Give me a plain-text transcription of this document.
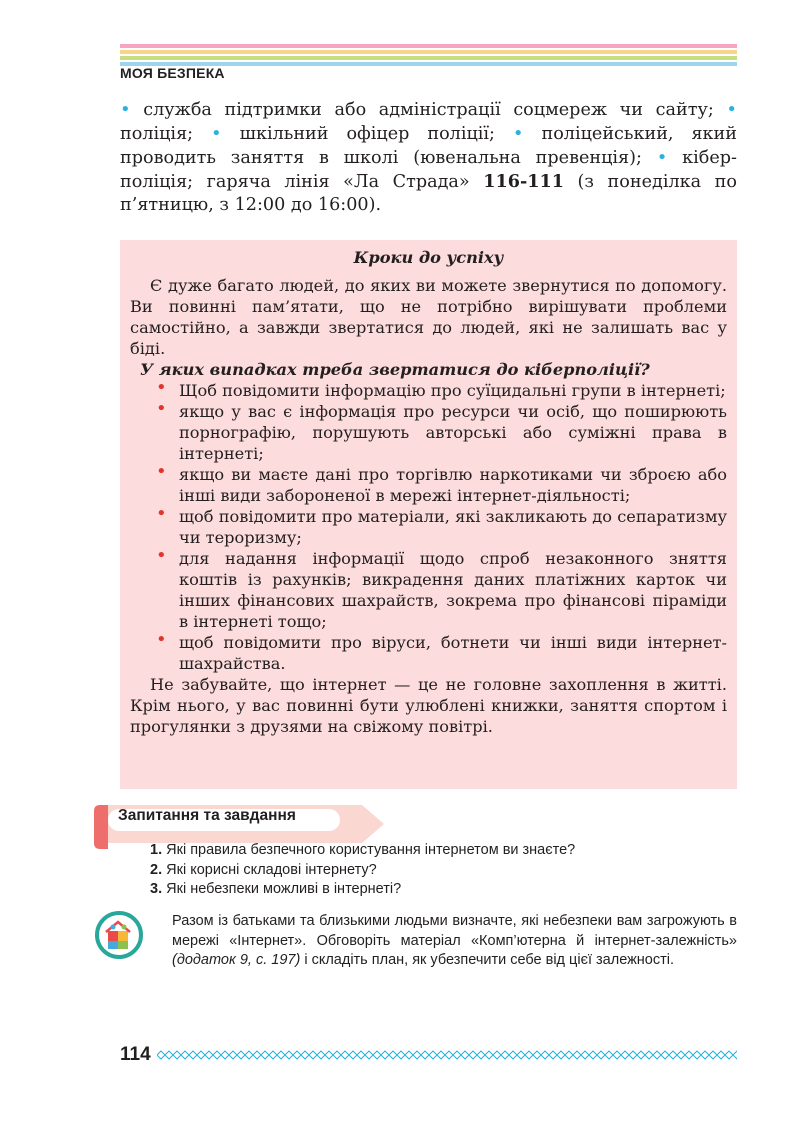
МОЯ БЕЗПЕКА
• служба підтримки або адміністрації соцмереж чи сайту; • поліція; • шкільний офіцер поліції; • поліцейський, який проводить заняття в школі (ювенальна превенція); • кібер-поліція; гаряча лінія «Ла Страда» 116-111 (з понеділка по п’ятницю, з 12:00 до 16:00).
Кроки до успіху
Є дуже багато людей, до яких ви можете звернутися по допомогу. Ви повинні пам’ятати, що не потрібно вирішувати проблеми самостійно, а завжди звертатися до людей, які не залишать вас у біді.
У яких випадках треба звертатися до кіберполіції?
• Щоб повідомити інформацію про суїцидальні групи в інтернеті;
• якщо у вас є інформація про ресурси чи осіб, що поширюють порнографію, порушують авторські або суміжні права в інтернеті;
• якщо ви маєте дані про торгівлю наркотиками чи зброєю або інші види забороненої в мережі інтернет-діяльності;
• щоб повідомити про матеріали, які закликають до сепаратизму чи тероризму;
• для надання інформації щодо спроб незаконного зняття коштів із рахунків; викрадення даних платіжних карток чи інших фінансових шахрайств, зокрема про фінансові піраміди в інтернеті тощо;
• щоб повідомити про віруси, ботнети чи інші види інтернет-шахрайства.
Не забувайте, що інтернет — це не головне захоплення в житті. Крім нього, у вас повинні бути улюблені книжки, заняття спортом і прогулянки з друзями на свіжому повітрі.
Запитання та завдання
1. Які правила безпечного користування інтернетом ви знаєте?
2. Які корисні складові інтернету?
3. Які небезпеки можливі в інтернеті?
Разом із батьками та близькими людьми визначте, які небезпеки вам загрожують в мережі «Інтернет». Обговоріть матеріал «Комп’ютерна й інтернет-залежність» (додаток 9, с. 197) і складіть план, як убезпечити себе від цієї залежності.
114
